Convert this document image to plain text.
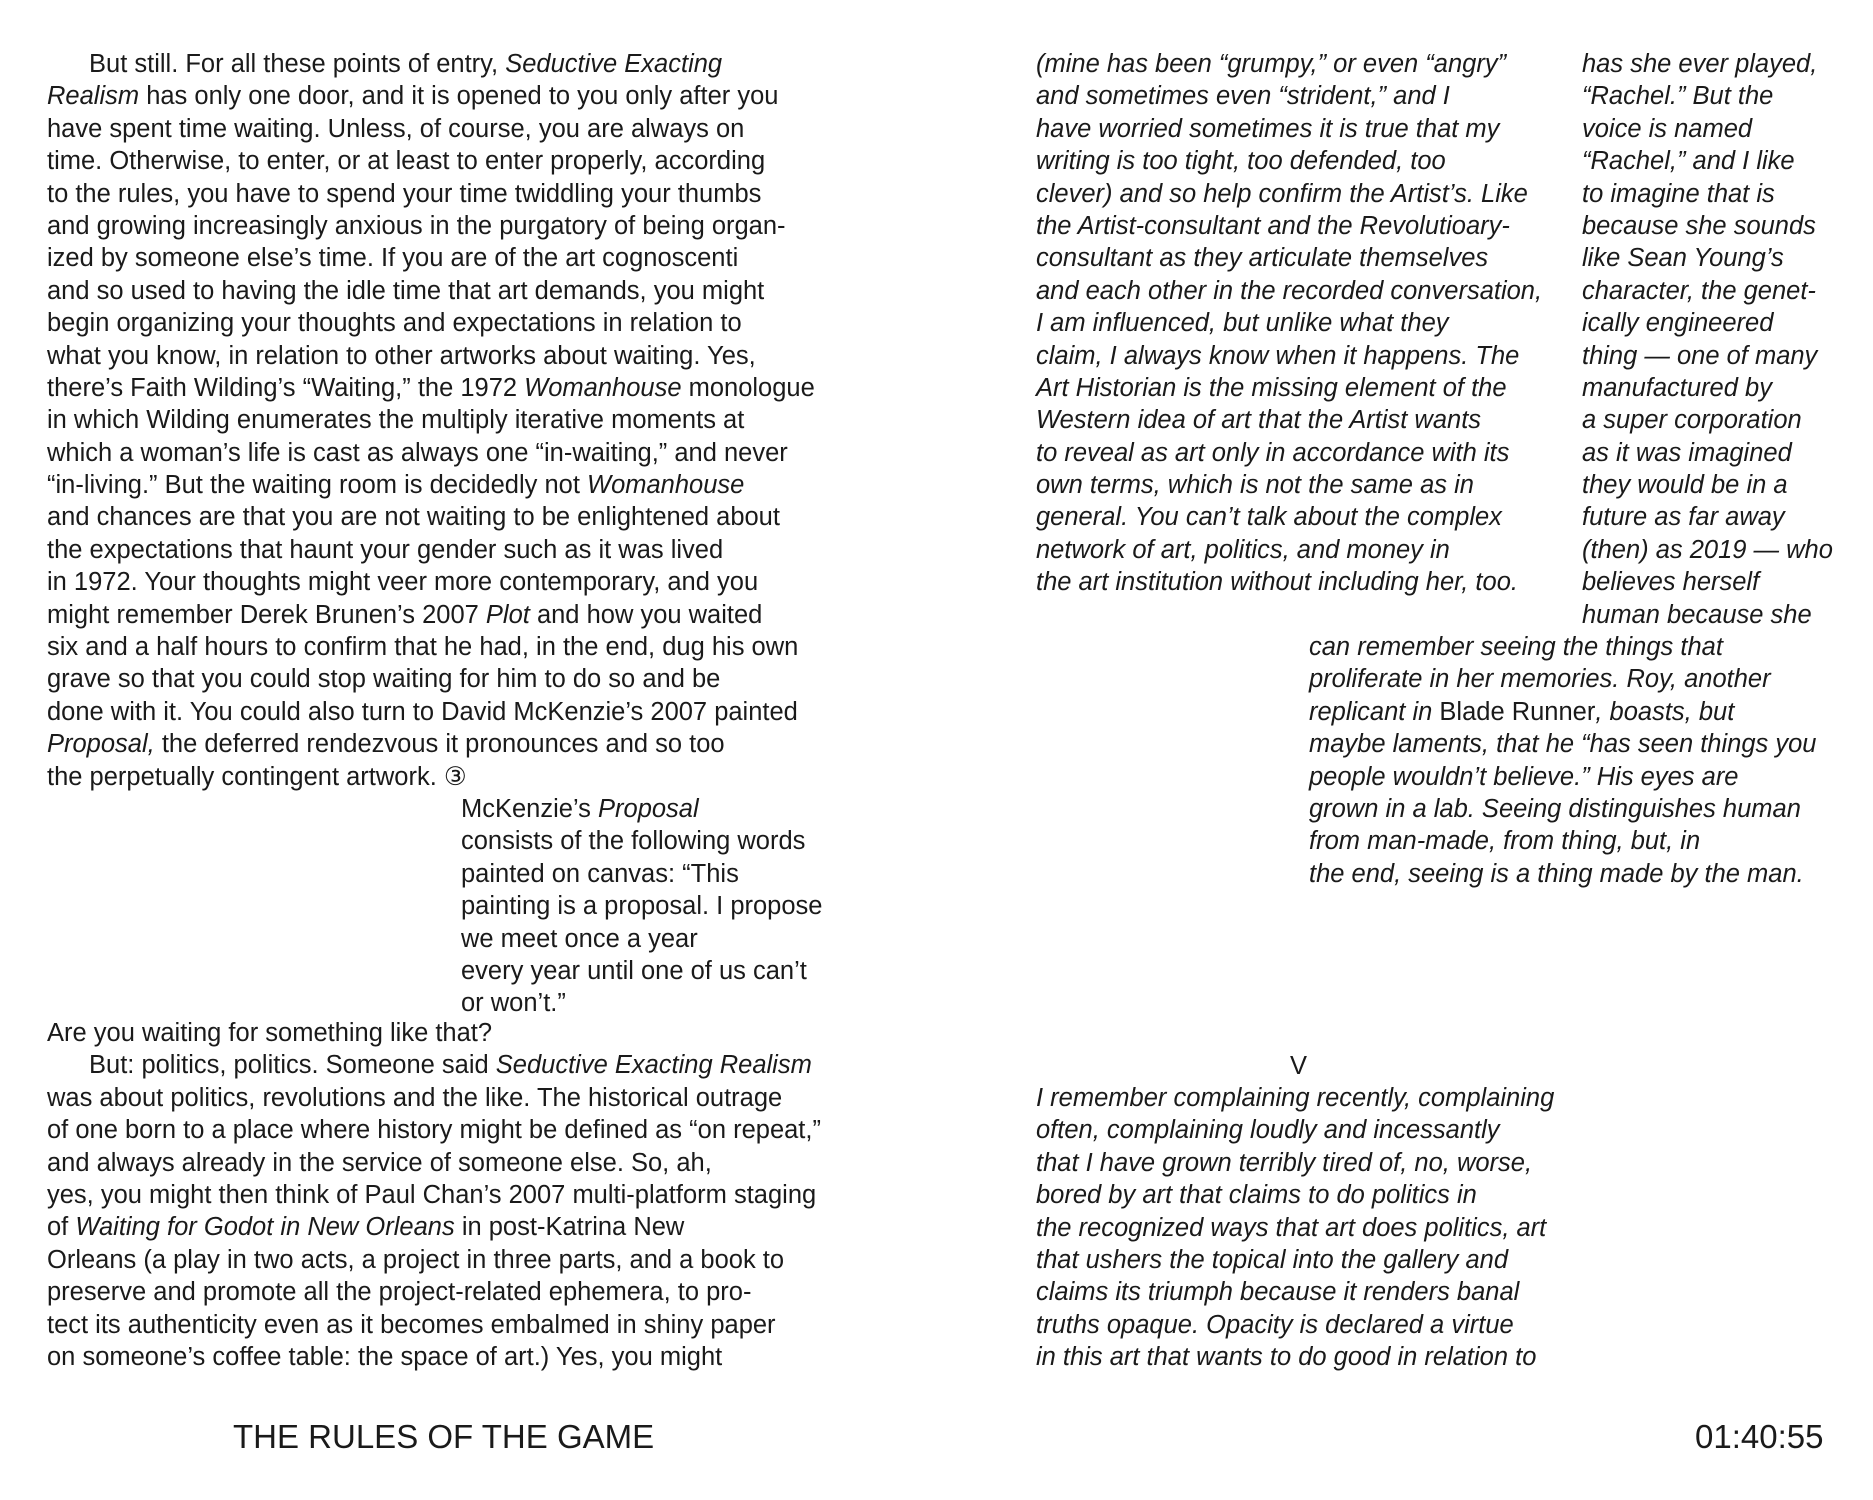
But still. For all these points of entry, Seductive Exacting
Realism has only one door, and it is opened to you only after you
have spent time waiting. Unless, of course, you are always on
time. Otherwise, to enter, or at least to enter properly, according
to the rules, you have to spend your time twiddling your thumbs
and growing increasingly anxious in the purgatory of being organ-
ized by someone else’s time. If you are of the art cognoscenti
and so used to having the idle time that art demands, you might
begin organizing your thoughts and expectations in relation to
what you know, in relation to other artworks about waiting. Yes,
there’s Faith Wilding’s “Waiting,” the 1972 Womanhouse monologue
in which Wilding enumerates the multiply iterative moments at
which a woman’s life is cast as always one “in-waiting,” and never
“in-living.” But the waiting room is decidedly not Womanhouse
and chances are that you are not waiting to be enlightened about
the expectations that haunt your gender such as it was lived
in 1972. Your thoughts might veer more contemporary, and you
might remember Derek Brunen’s 2007 Plot and how you waited
six and a half hours to confirm that he had, in the end, dug his own
grave so that you could stop waiting for him to do so and be
done with it. You could also turn to David McKenzie’s 2007 painted
Proposal, the deferred rendezvous it pronounces and so too
the perpetually contingent artwork. ③
McKenzie’s Proposal
consists of the following words
painted on canvas: “This
painting is a proposal. I propose
we meet once a year
every year until one of us can’t
or won’t.”
Are you waiting for something like that?
But: politics, politics. Someone said Seductive Exacting Realism
was about politics, revolutions and the like. The historical outrage
of one born to a place where history might be defined as “on repeat,”
and always already in the service of someone else. So, ah,
yes, you might then think of Paul Chan’s 2007 multi-platform staging
of Waiting for Godot in New Orleans in post-Katrina New
Orleans (a play in two acts, a project in three parts, and a book to
preserve and promote all the project-related ephemera, to pro-
tect its authenticity even as it becomes embalmed in shiny paper
on someone’s coffee table: the space of art.) Yes, you might
THE RULES OF THE GAME
(mine has been “grumpy,” or even “angry”
and sometimes even “strident,” and I
have worried sometimes it is true that my
writing is too tight, too defended, too
clever) and so help confirm the Artist’s. Like
the Artist-consultant and the Revolutioary-
consultant as they articulate themselves
and each other in the recorded conversation,
I am influenced, but unlike what they
claim, I always know when it happens. The
Art Historian is the missing element of the
Western idea of art that the Artist wants
to reveal as art only in accordance with its
own terms, which is not the same as in
general. You can’t talk about the complex
network of art, politics, and money in
the art institution without including her, too.
has she ever played,
“Rachel.” But the
voice is named
“Rachel,” and I like
to imagine that is
because she sounds
like Sean Young’s
character, the genet-
ically engineered
thing — one of many
manufactured by
a super corporation
as it was imagined
they would be in a
future as far away
(then) as 2019 — who
believes herself
human because she
can remember seeing the things that
proliferate in her memories. Roy, another
replicant in Blade Runner, boasts, but
maybe laments, that he “has seen things you
people wouldn’t believe.” His eyes are
grown in a lab. Seeing distinguishes human
from man-made, from thing, but, in
the end, seeing is a thing made by the man.
V
I remember complaining recently, complaining
often, complaining loudly and incessantly
that I have grown terribly tired of, no, worse,
bored by art that claims to do politics in
the recognized ways that art does politics, art
that ushers the topical into the gallery and
claims its triumph because it renders banal
truths opaque. Opacity is declared a virtue
in this art that wants to do good in relation to
01:40:55
